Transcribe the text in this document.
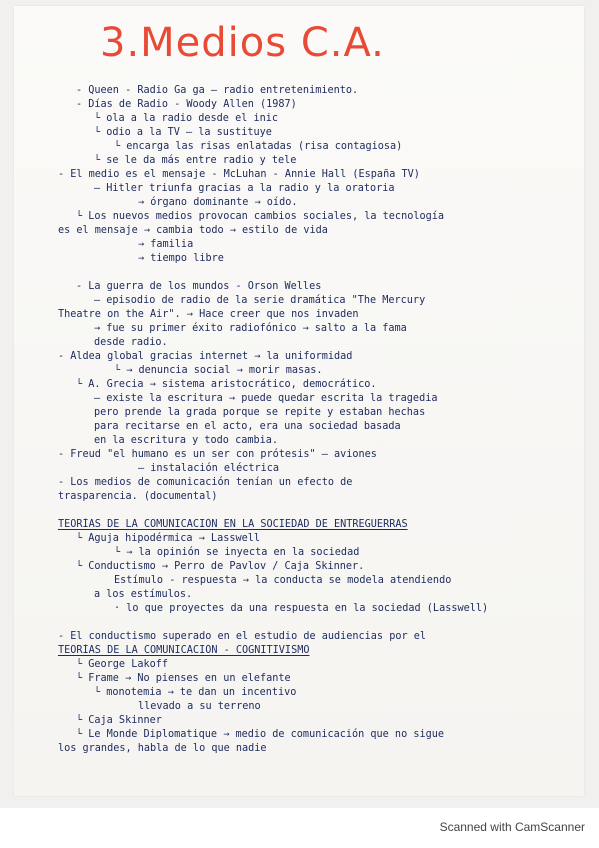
3.Medios C.A.
- Queen - Radio Ga ga — radio entretenimiento.
- Días de Radio - Woody Allen (1987)
└ ola a la radio desde el inic
└ odio a la TV — la sustituye
└ encarga las risas enlatadas (risa contagiosa)
└ se le da más entre radio y tele
- El medio es el mensaje - McLuhan - Annie Hall (España TV)
— Hitler triunfa gracias a la radio y la oratoria
→ órgano dominante → oído.
└ Los nuevos medios provocan cambios sociales, la tecnología
es el mensaje → cambia todo → estilo de vida
→ familia
→ tiempo libre
- La guerra de los mundos - Orson Welles
— episodio de radio de la serie dramática "The Mercury
Theatre on the Air". → Hace creer que nos invaden
→ fue su primer éxito radiofónico → salto a la fama
desde radio.
- Aldea global gracias internet → la uniformidad
└ → denuncia social → morir masas.
└ A. Grecia → sistema aristocrático, democrático.
— existe la escritura → puede quedar escrita la tragedia
pero prende la grada porque se repite y estaban hechas
para recitarse en el acto, era una sociedad basada
en la escritura y todo cambia.
- Freud "el humano es un ser con prótesis" — aviones
— instalación eléctrica
- Los medios de comunicación tenían un efecto de
trasparencia. (documental)
TEORÍAS DE LA COMUNICACIÓN EN LA SOCIEDAD DE ENTREGUERRAS
└ Aguja hipodérmica → Lasswell
└ → la opinión se inyecta en la sociedad
└ Conductismo → Perro de Pavlov / Caja Skinner.
Estímulo - respuesta → la conducta se modela atendiendo
a los estímulos.
· lo que proyectes da una respuesta en la sociedad (Lasswell)
- El conductismo superado en el estudio de audiencias por el
TEORÍAS DE LA COMUNICACIÓN - COGNITIVISMO
└ George Lakoff
└ Frame → No pienses en un elefante
└ monotemia → te dan un incentivo
llevado a su terreno
└ Caja Skinner
└ Le Monde Diplomatique → medio de comunicación que no sigue
los grandes, habla de lo que nadie
Scanned with CamScanner
